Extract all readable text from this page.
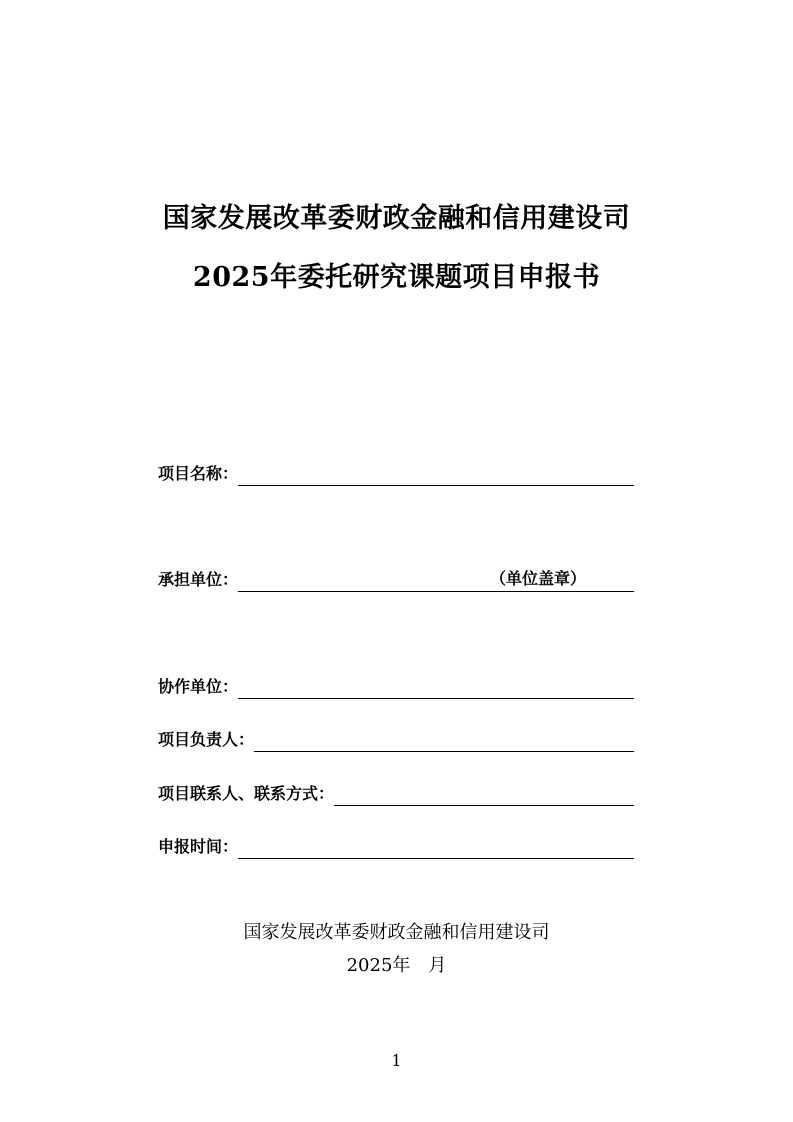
国家发展改革委财政金融和信用建设司
2025年委托研究课题项目申报书
项目名称：
承担单位：	（单位盖章）
协作单位：
项目负责人：
项目联系人、联系方式：
申报时间：
国家发展改革委财政金融和信用建设司
2025年 月
1
